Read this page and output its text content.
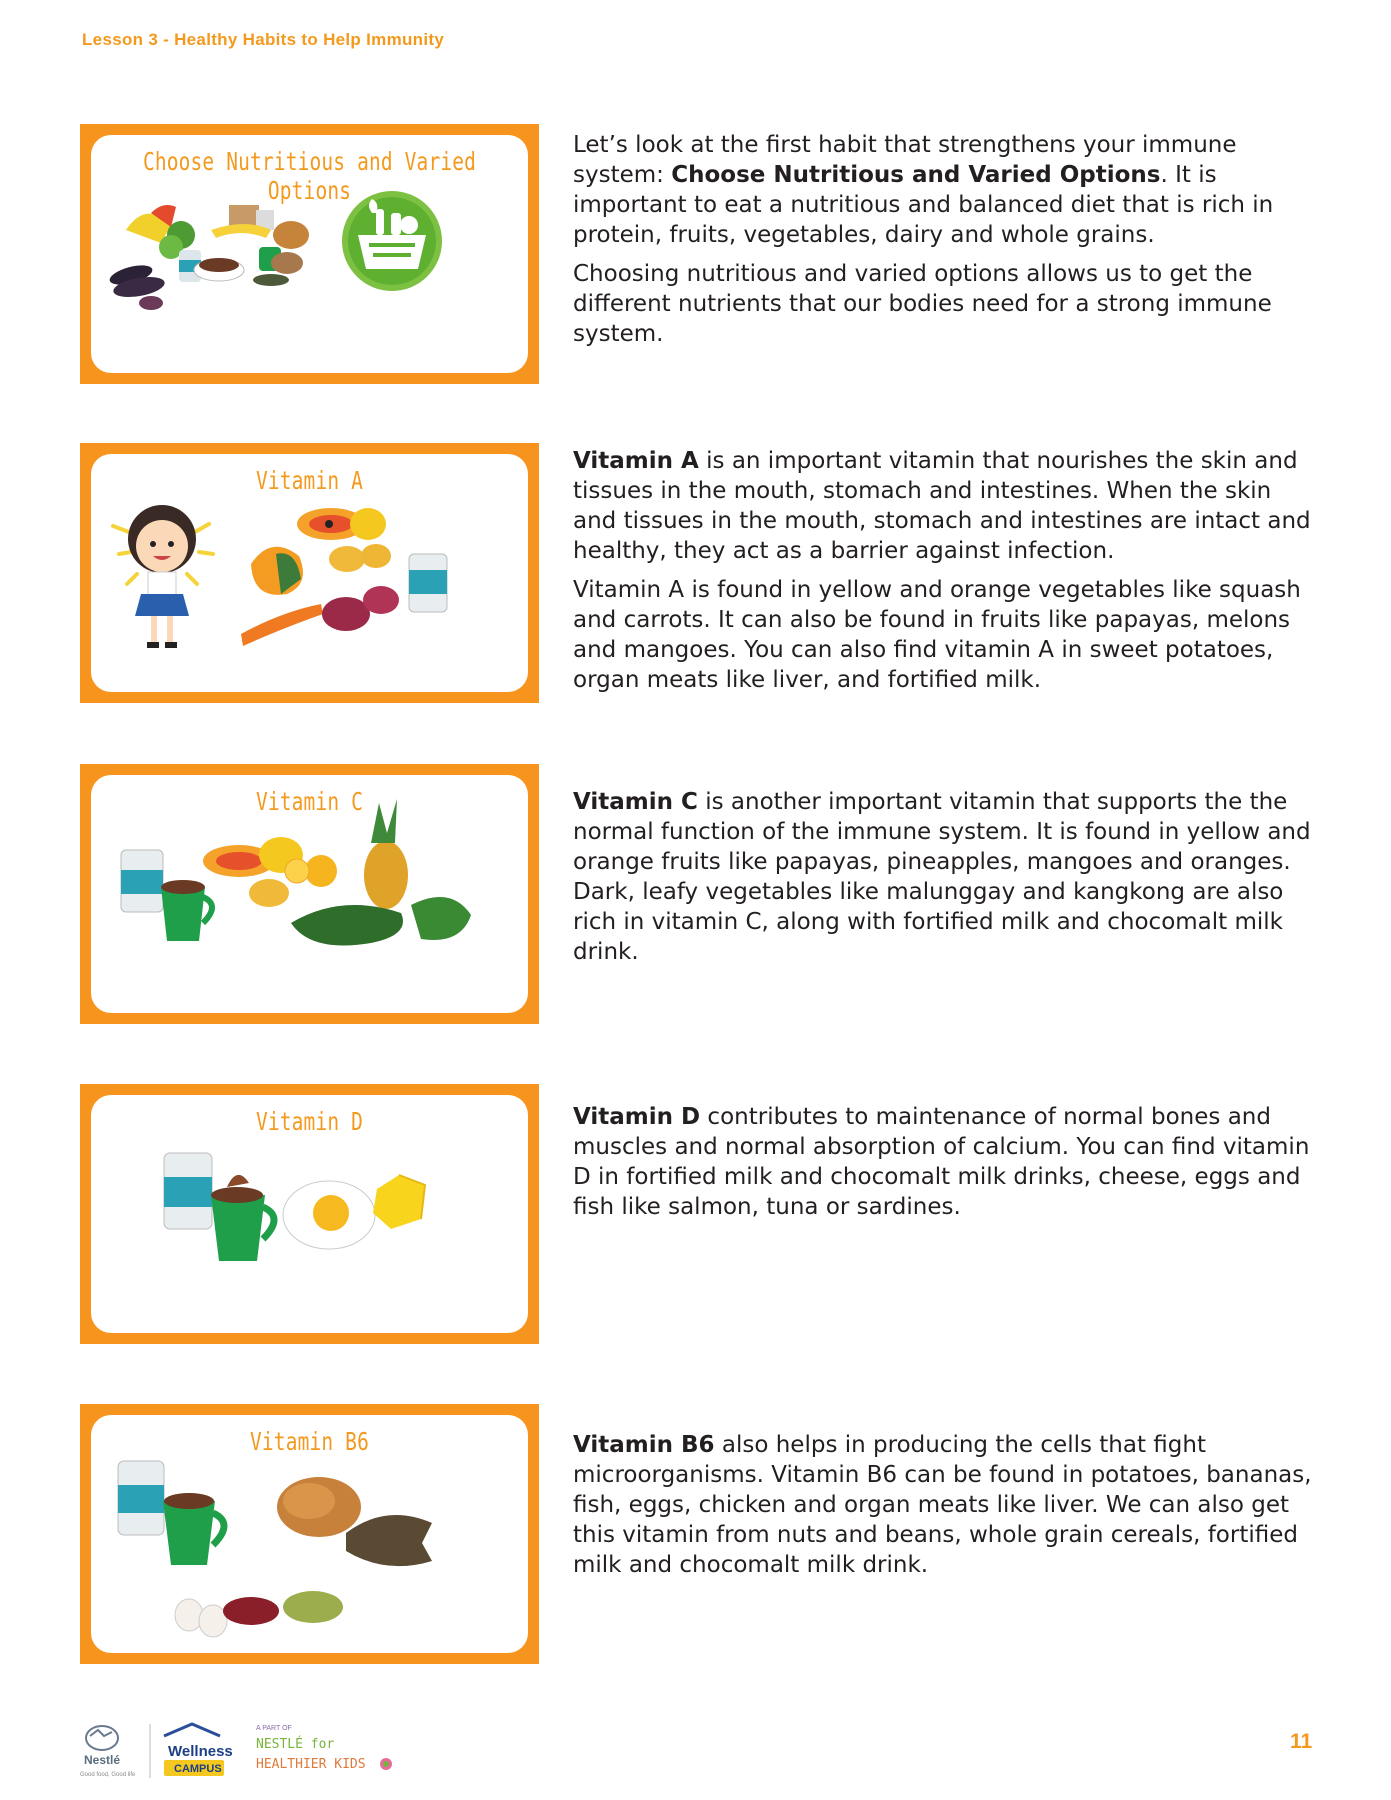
Lesson 3 - Healthy Habits to Help Immunity
Choose Nutritious and Varied Options

Let’s look at the first habit that strengthens your immune system: Choose Nutritious and Varied Options. It is important to eat a nutritious and balanced diet that is rich in protein, fruits, vegetables, dairy and whole grains.

Choosing nutritious and varied options allows us to get the different nutrients that our bodies need for a strong immune system.

Vitamin A

Vitamin A is an important vitamin that nourishes the skin and tissues in the mouth, stomach and intestines. When the skin and tissues in the mouth, stomach and intestines are intact and healthy, they act as a barrier against infection.

Vitamin A is found in yellow and orange vegetables like squash and carrots. It can also be found in fruits like papayas, melons and mangoes. You can also find vitamin A in sweet potatoes, organ meats like liver, and fortified milk.

Vitamin C	Vitamin C is another important vitamin that supports the the normal function of the immune system. It is found in yellow and orange fruits like papayas, pineapples, mangoes and oranges. Dark, leafy vegetables like malunggay and kangkong are also rich in vitamin C, along with fortified milk and chocomalt milk drink.

Vitamin D	Vitamin D contributes to maintenance of normal bones and muscles and normal absorption of calcium. You can find vitamin D in fortified milk and chocomalt milk drinks, cheese, eggs and fish like salmon, tuna or sardines.

Vitamin B6	Vitamin B6 also helps in producing the cells that fight microorganisms. Vitamin B6 can be found in potatoes, bananas, fish, eggs, chicken and organ meats like liver. We can also get this vitamin from nuts and beans, whole grain cereals, fortified milk and chocomalt milk drink.

Nestlé
Good food, Good life
Wellness
CAMPUS
A PART OF
NESTLÉ for
HEALTHIER KIDS
11
